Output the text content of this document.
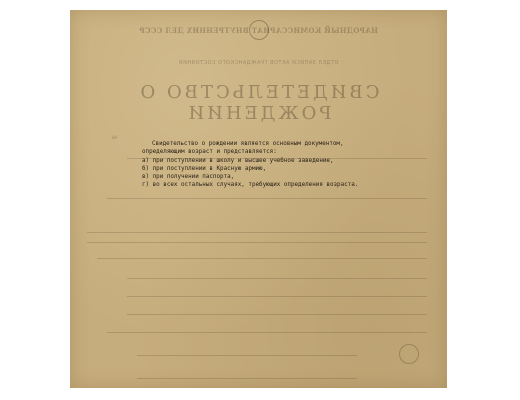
НАРОДНЫЙ КОМИССАРИАТ ВНУТРЕННИХ ДЕЛ СССР
ОТДЕЛ ЗАПИСИ АКТОВ ГРАЖДАНСКОГО СОСТОЯНИЯ
СВИДЕТЕЛЬСТВО О РОЖДЕНИИ
№

Свидетельство о рождении является основным документом, определяющим возраст и представляется:

а) при поступлении в школу и высшее учебное заведение,
б) при поступлении в Красную армию,
в) при получении паспорта,
г) во всех остальных случаях, требующих определения возраста.
